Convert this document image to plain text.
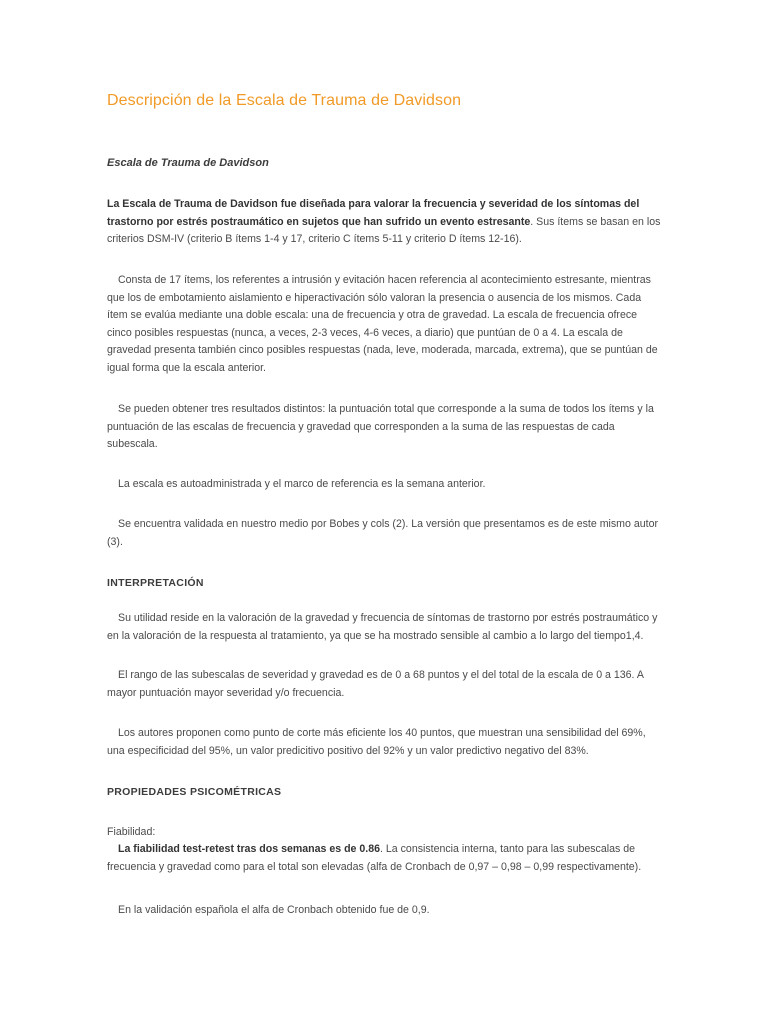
Descripción de la Escala de Trauma de Davidson

Escala de Trauma de Davidson

La Escala de Trauma de Davidson fue diseñada para valorar la frecuencia y severidad de los síntomas del trastorno por estrés postraumático en sujetos que han sufrido un evento estresante. Sus ítems se basan en los criterios DSM-IV (criterio B ítems 1-4 y 17, criterio C ítems 5-11 y criterio D ítems 12-16).

Consta de 17 ítems, los referentes a intrusión y evitación hacen referencia al acontecimiento estresante, mientras que los de embotamiento aislamiento e hiperactivación sólo valoran la presencia o ausencia de los mismos. Cada ítem se evalúa mediante una doble escala: una de frecuencia y otra de gravedad. La escala de frecuencia ofrece cinco posibles respuestas (nunca, a veces, 2-3 veces, 4-6 veces, a diario) que puntúan de 0 a 4. La escala de gravedad presenta también cinco posibles respuestas (nada, leve, moderada, marcada, extrema), que se puntúan de igual forma que la escala anterior.

Se pueden obtener tres resultados distintos: la puntuación total que corresponde a la suma de todos los ítems y la puntuación de las escalas de frecuencia y gravedad que corresponden a la suma de las respuestas de cada subescala.

La escala es autoadministrada y el marco de referencia es la semana anterior.

Se encuentra validada en nuestro medio por Bobes y cols (2). La versión que presentamos es de este mismo autor (3).

INTERPRETACIÓN

Su utilidad reside en la valoración de la gravedad y frecuencia de síntomas de trastorno por estrés postraumático y en la valoración de la respuesta al tratamiento, ya que se ha mostrado sensible al cambio a lo largo del tiempo1,4.

El rango de las subescalas de severidad y gravedad es de 0 a 68 puntos y el del total de la escala de 0 a 136. A mayor puntuación mayor severidad y/o frecuencia.

Los autores proponen como punto de corte más eficiente los 40 puntos, que muestran una sensibilidad del 69%, una especificidad del 95%, un valor predicitivo positivo del 92% y un valor predictivo negativo del 83%.

PROPIEDADES PSICOMÉTRICAS

Fiabilidad:

La fiabilidad test-retest tras dos semanas es de 0.86. La consistencia interna, tanto para las subescalas de frecuencia y gravedad como para el total son elevadas (alfa de Cronbach de 0,97 – 0,98 – 0,99 respectivamente).

En la validación española el alfa de Cronbach obtenido fue de 0,9.
